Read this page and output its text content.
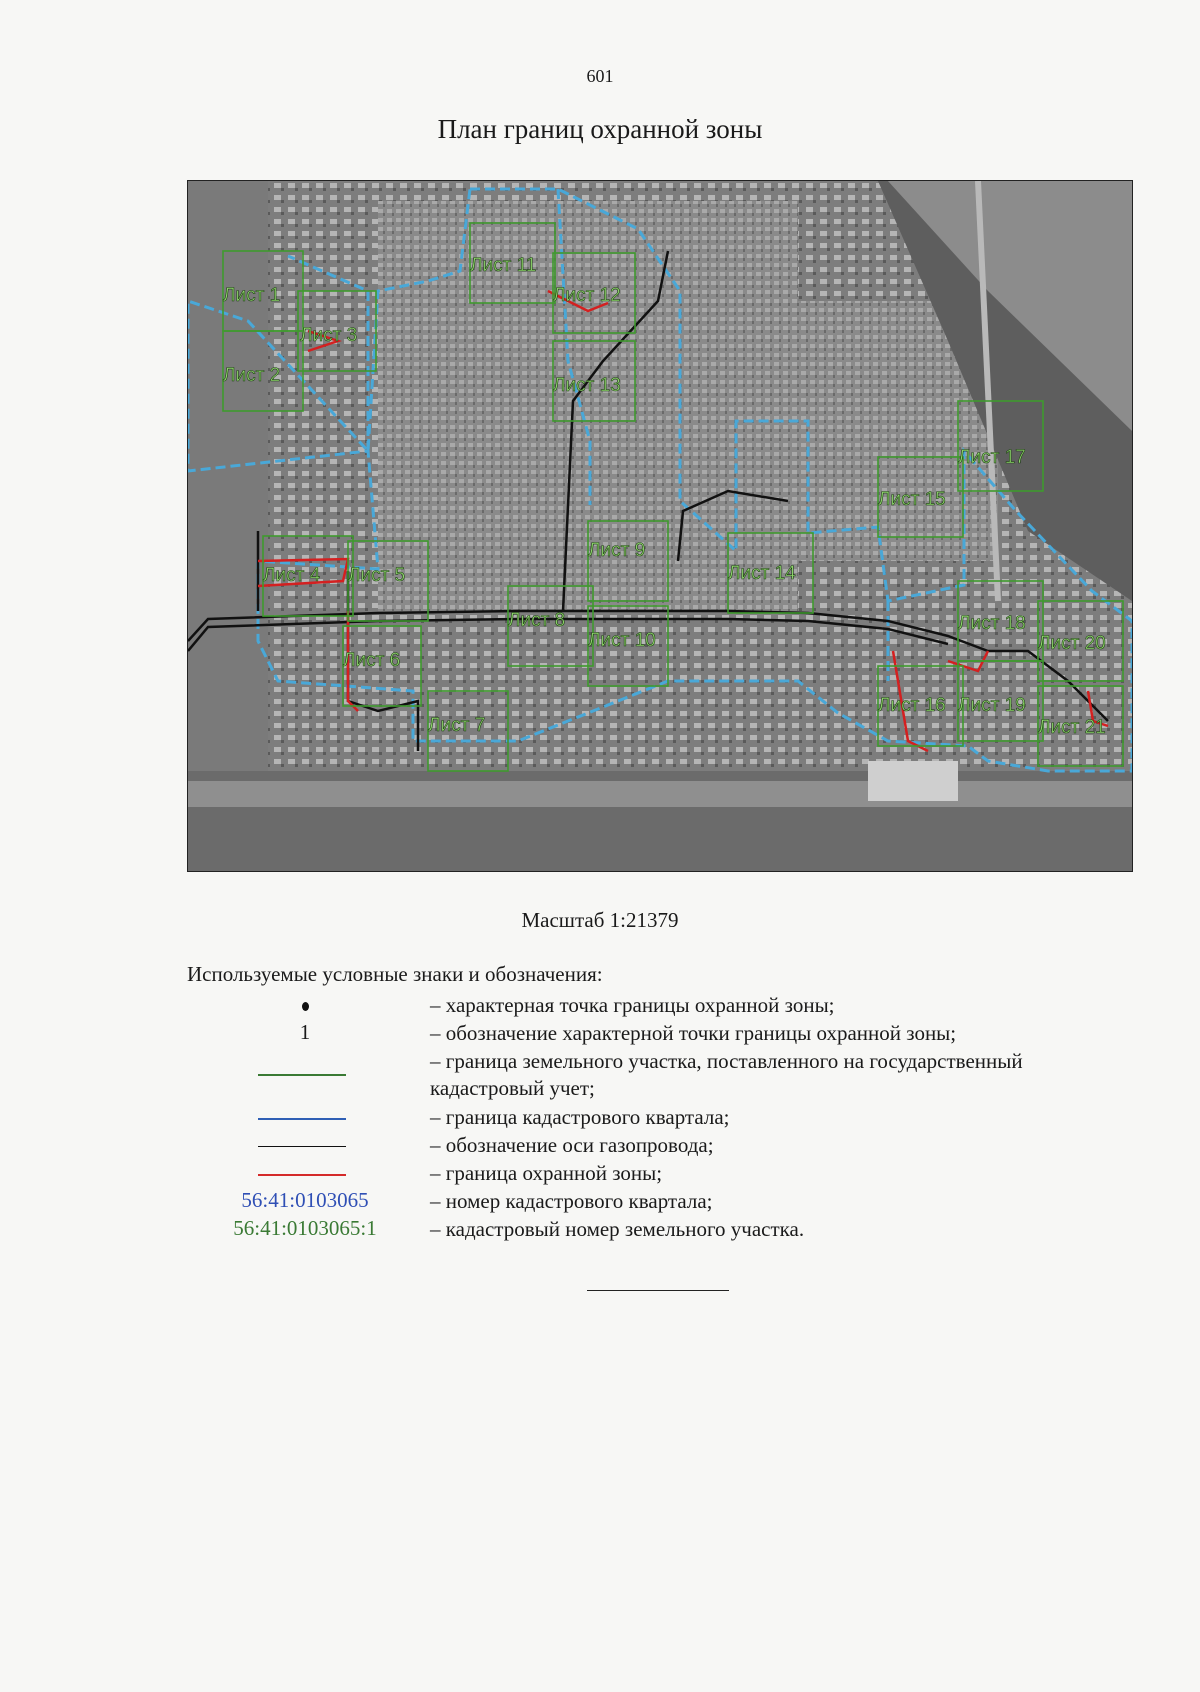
601
План границ охранной зоны
Лист 1
Лист 2
Лист 3
Лист 4 Лист 5
Лист 6
Лист 7
Лист 8
Лист 9
Лист 10
Лист 11
Лист 12
Лист 13
Лист 14
Лист 15
Лист 16
Лист 17
Лист 18
Лист 19
Лист 20
Лист 21
Масштаб 1:21379
Используемые условные знаки и обозначения:
– характерная точка границы охранной зоны;
1	– обозначение характерной точки границы охранной зоны;
– граница земельного участка, поставленного на государственный кадастровый учет;
– граница кадастрового квартала;
– обозначение оси газопровода;
– граница охранной зоны;
56:41:0103065	– номер кадастрового квартала;
56:41:0103065:1	– кадастровый номер земельного участка.
